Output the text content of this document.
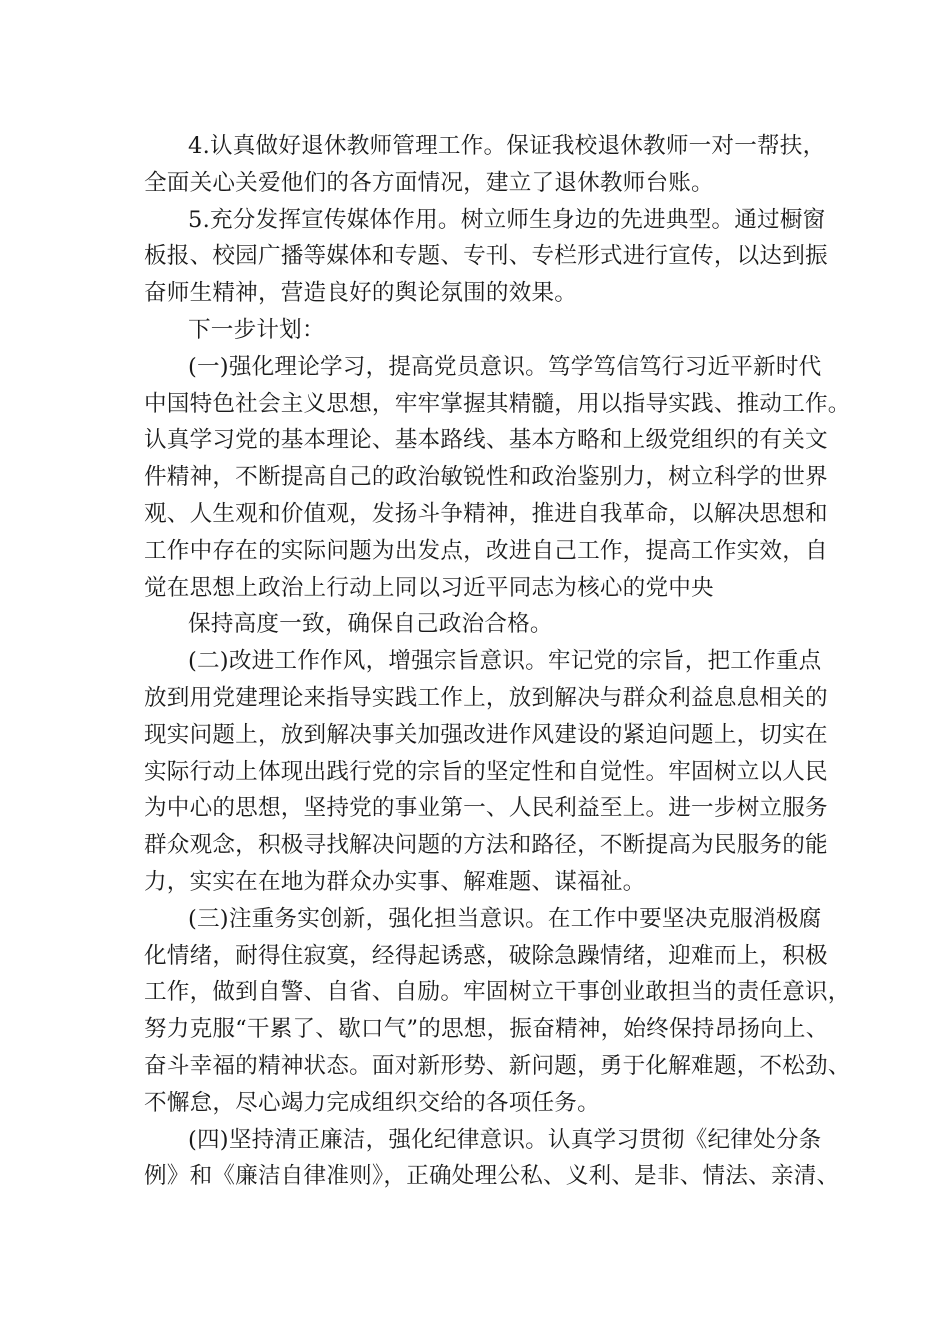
4.认真做好退休教师管理工作。保证我校退休教师一对一帮扶，
全面关心关爱他们的各方面情况，建立了退休教师台账。
5.充分发挥宣传媒体作用。树立师生身边的先进典型。通过橱窗
板报、校园广播等媒体和专题、专刊、专栏形式进行宣传，以达到振
奋师生精神，营造良好的舆论氛围的效果。
下一步计划：
(一)强化理论学习，提高党员意识。笃学笃信笃行习近平新时代
中国特色社会主义思想，牢牢掌握其精髓，用以指导实践、推动工作。
认真学习党的基本理论、基本路线、基本方略和上级党组织的有关文
件精神，不断提高自己的政治敏锐性和政治鉴别力，树立科学的世界
观、人生观和价值观，发扬斗争精神，推进自我革命，以解决思想和
工作中存在的实际问题为出发点，改进自己工作，提高工作实效，自
觉在思想上政治上行动上同以习近平同志为核心的党中央
保持高度一致，确保自己政治合格。
(二)改进工作作风，增强宗旨意识。牢记党的宗旨，把工作重点
放到用党建理论来指导实践工作上，放到解决与群众利益息息相关的
现实问题上，放到解决事关加强改进作风建设的紧迫问题上，切实在
实际行动上体现出践行党的宗旨的坚定性和自觉性。牢固树立以人民
为中心的思想，坚持党的事业第一、人民利益至上。进一步树立服务
群众观念，积极寻找解决问题的方法和路径，不断提高为民服务的能
力，实实在在地为群众办实事、解难题、谋福祉。
(三)注重务实创新，强化担当意识。在工作中要坚决克服消极腐
化情绪，耐得住寂寞，经得起诱惑，破除急躁情绪，迎难而上，积极
工作，做到自警、自省、自励。牢固树立干事创业敢担当的责任意识，
努力克服“干累了、歇口气”的思想，振奋精神，始终保持昂扬向上、
奋斗幸福的精神状态。面对新形势、新问题，勇于化解难题，不松劲、
不懈怠，尽心竭力完成组织交给的各项任务。
(四)坚持清正廉洁，强化纪律意识。认真学习贯彻《纪律处分条
例》和《廉洁自律准则》，正确处理公私、义利、是非、情法、亲清、
